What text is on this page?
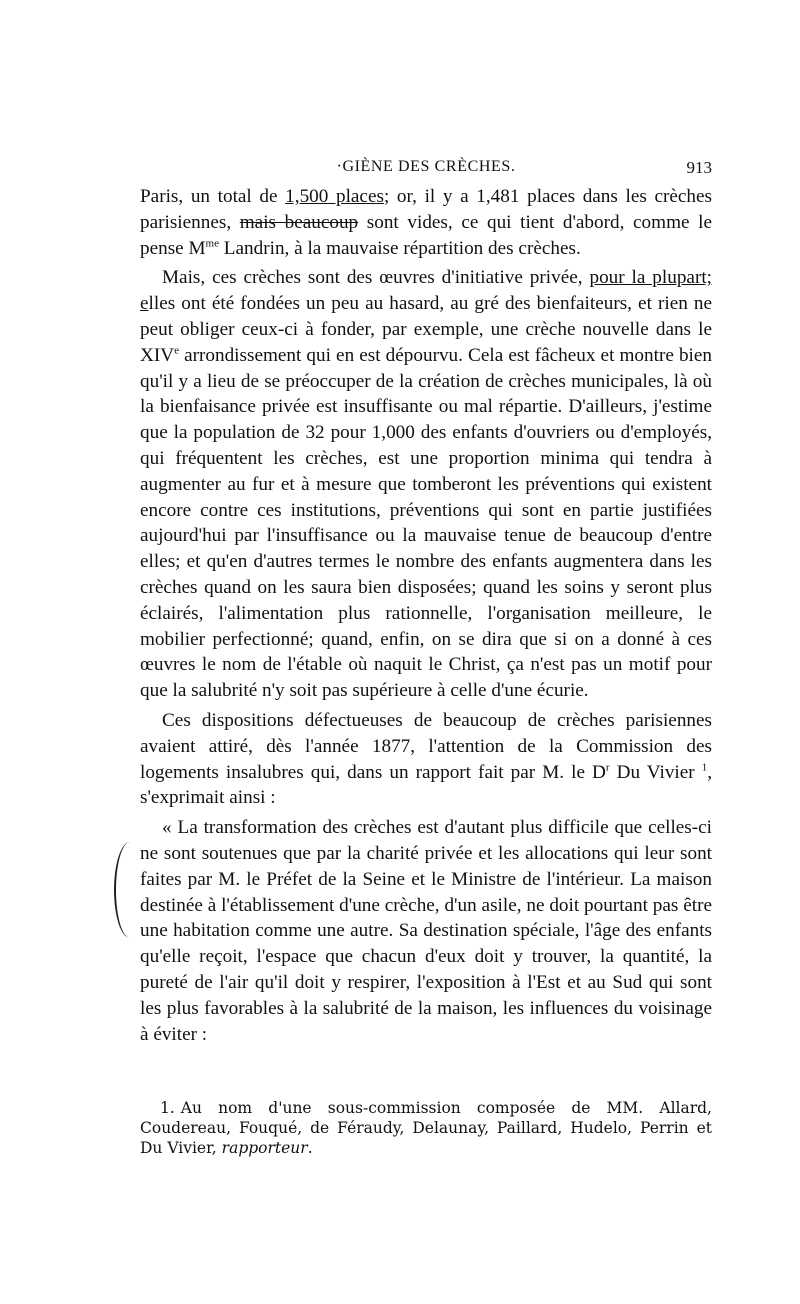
·GIÈNE DES CRÈCHES.	913

Paris, un total de 1,500 places; or, il y a 1,481 places dans les crèches parisiennes, mais beaucoup sont vides, ce qui tient d'abord, comme le pense $M^{me}$ Landrin, à la mauvaise répartition des crèches.

Mais, ces crèches sont des œuvres d'initiative privée, pour la plupart; elles ont été fondées un peu au hasard, au gré des bienfaiteurs, et rien ne peut obliger ceux-ci à fonder, par exemple, une crèche nouvelle dans le XIVe arrondissement qui en est dépourvu. Cela est fâcheux et montre bien qu'il y a lieu de se préoccuper de la création de crèches municipales, là où la bienfaisance privée est insuffisante ou mal répartie. D'ailleurs, j'estime que la population de 32 pour 1,000 des enfants d'ouvriers ou d'employés, qui fréquentent les crèches, est une proportion minima qui tendra à augmenter au fur et à mesure que tomberont les préventions qui existent encore contre ces institutions, préventions qui sont en partie justifiées aujourd'hui par l'insuffisance ou la mauvaise tenue de beaucoup d'entre elles; et qu'en d'autres termes le nombre des enfants augmentera dans les crèches quand on les saura bien disposées; quand les soins y seront plus éclairés, l'alimentation plus rationnelle, l'organisation meilleure, le mobilier perfectionné; quand, enfin, on se dira que si on a donné à ces œuvres le nom de l'étable où naquit le Christ, ça n'est pas un motif pour que la salubrité n'y soit pas supérieure à celle d'une écurie.

Ces dispositions défectueuses de beaucoup de crèches parisiennes avaient attiré, dès l'année 1877, l'attention de la Commission des logements insalubres qui, dans un rapport fait par M. le $D^r$ Du Vivier $^1$, s'exprimait ainsi :

« La transformation des crèches est d'autant plus difficile que celles-ci ne sont soutenues que par la charité privée et les allocations qui leur sont faites par M. le Préfet de la Seine et le Ministre de l'intérieur. La maison destinée à l'établissement d'une crèche, d'un asile, ne doit pourtant pas être une habitation comme une autre. Sa destination spéciale, l'âge des enfants qu'elle reçoit, l'espace que chacun d'eux doit y trouver, la quantité, la pureté de l'air qu'il doit y respirer, l'exposition à l'Est et au Sud qui sont les plus favorables à la salubrité de la maison, les influences du voisinage à éviter :

1. Au nom d'une sous-commission composée de MM. Allard, Coudereau, Fouqué, de Féraudy, Delaunay, Paillard, Hudelo, Perrin et Du Vivier, rapporteur.
